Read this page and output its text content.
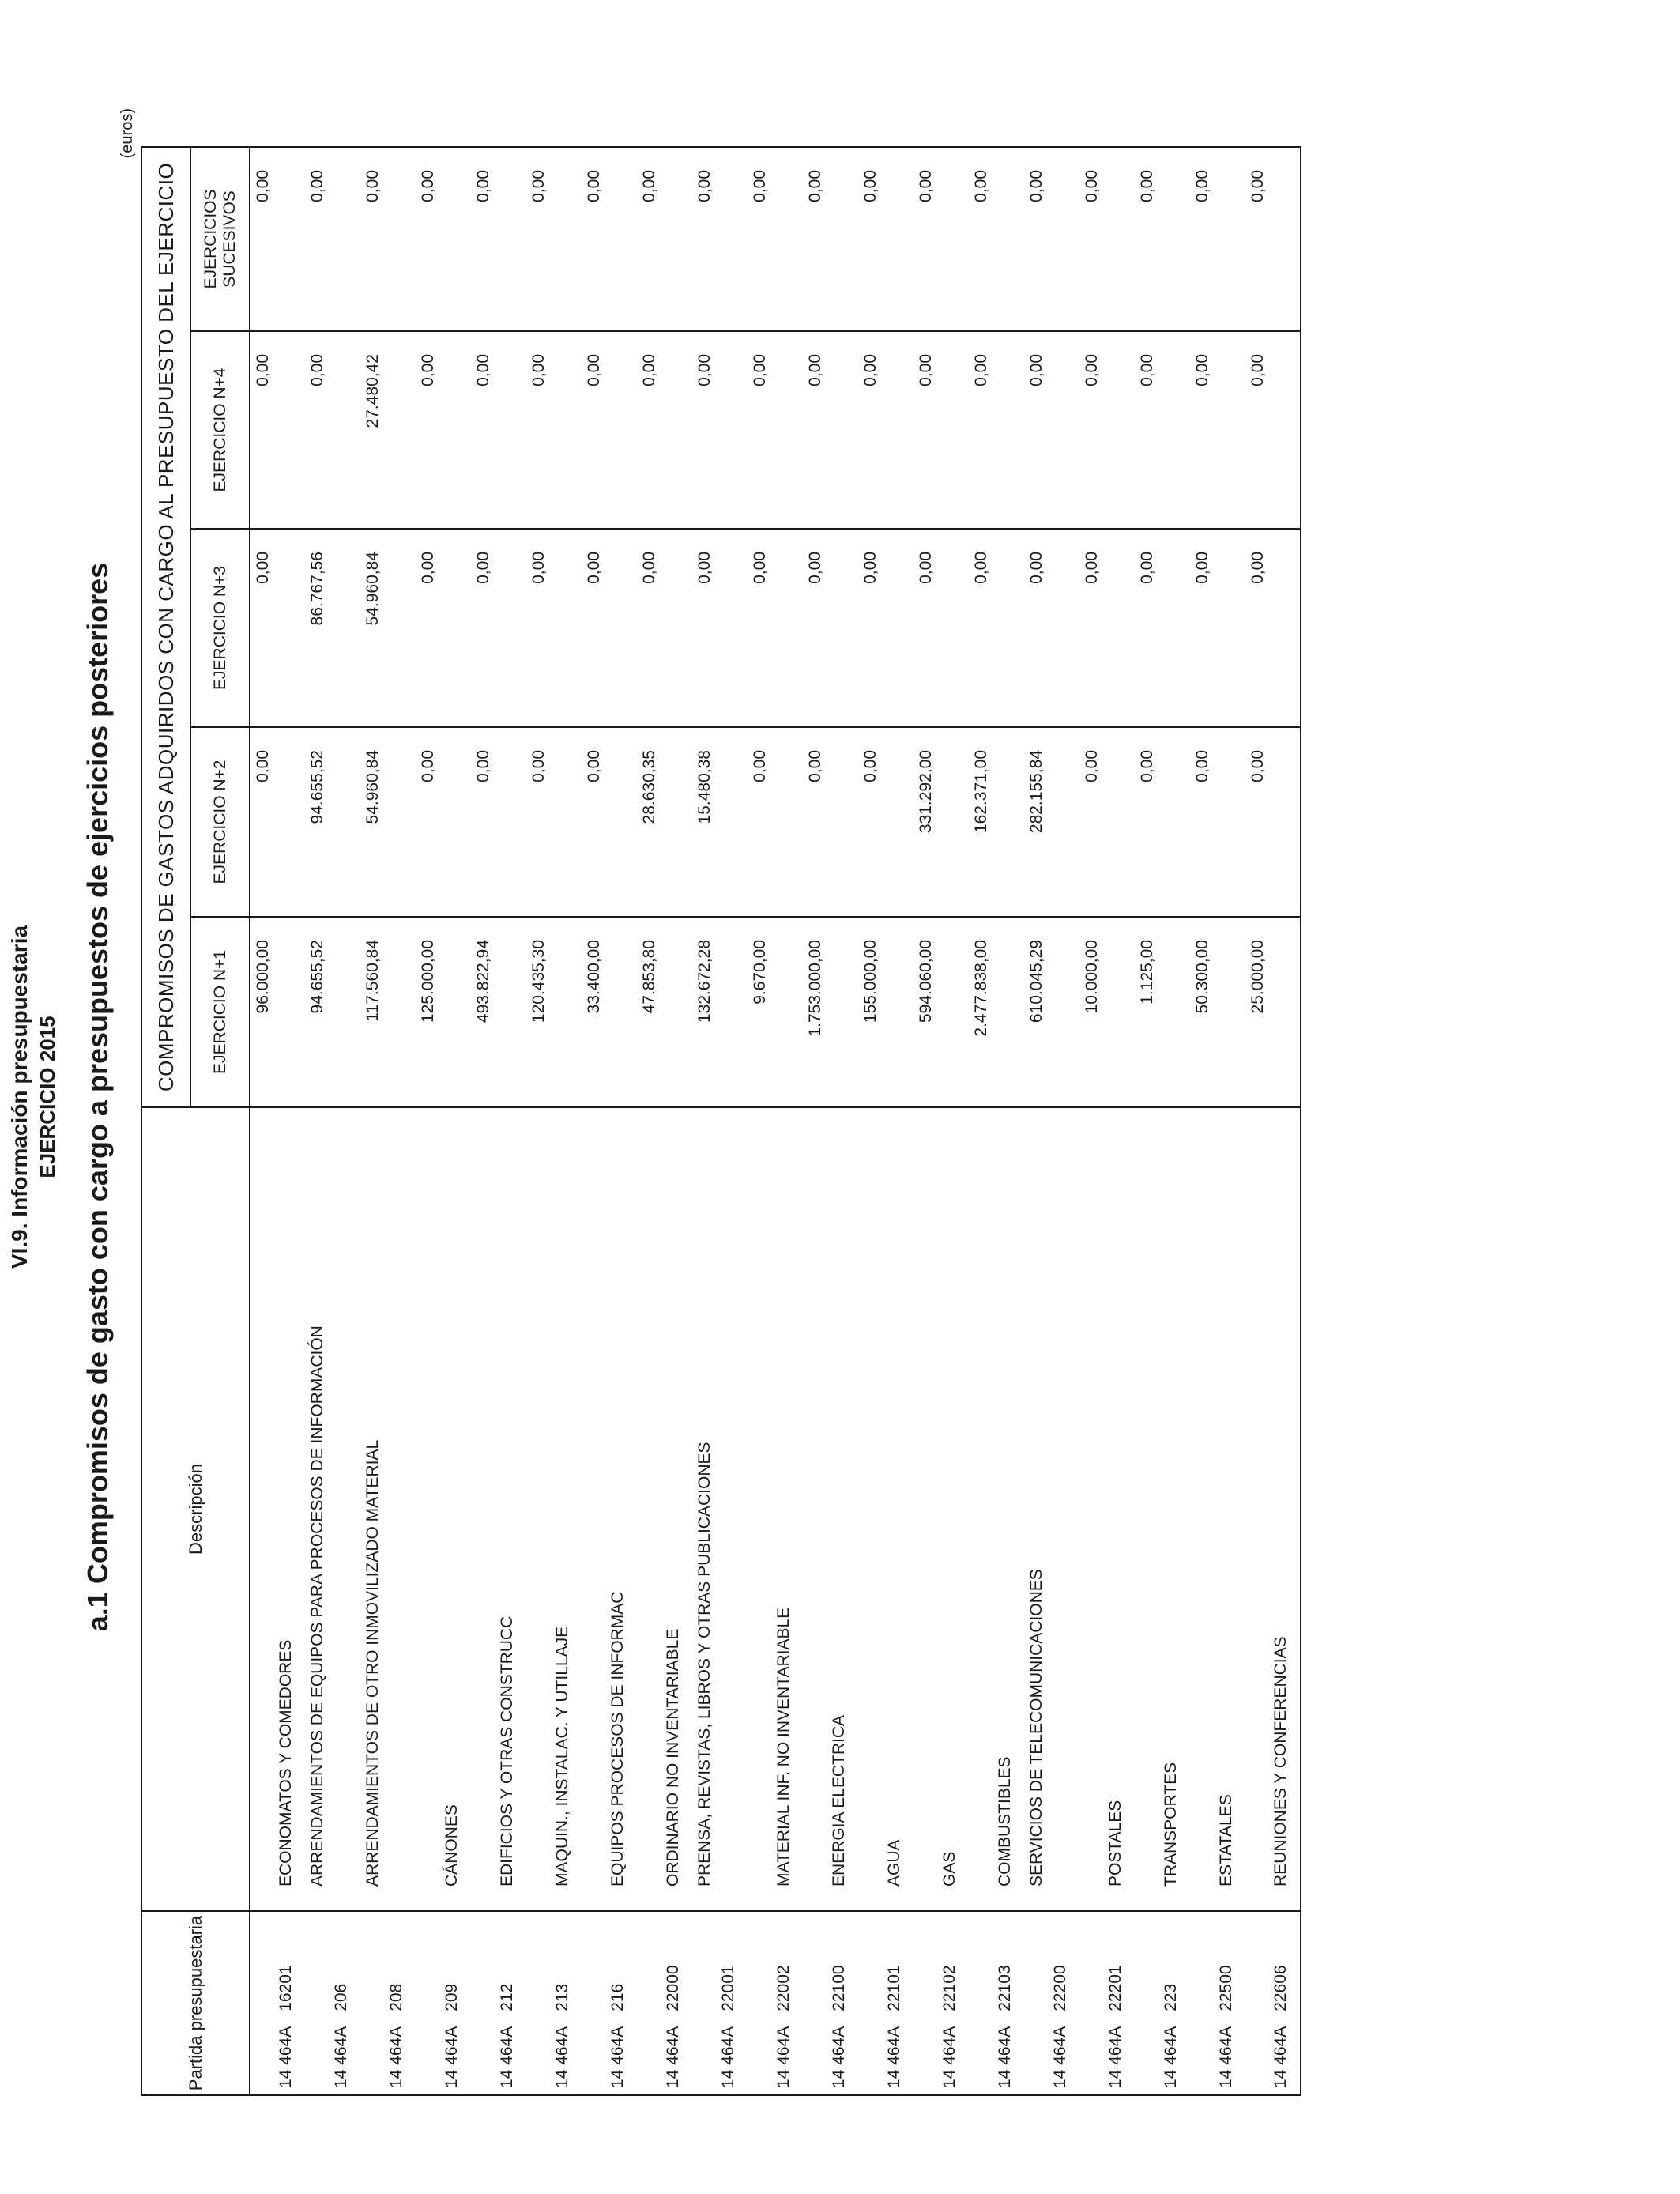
VI.9. Información presupuestaria EJERCICIO 2015 a.1 Compromisos de gasto con cargo a presupuestos de ejercicios posteriores
(euros)
Partida presupuestaria	Descripción	COMPROMISOS DE GASTOS ADQUIRIDOS CON CARGO AL PRESUPUESTO DEL EJERCICIO				
		EJERCICIO N+1	EJERCICIO N+2	EJERCICIO N+3	EJERCICIO N+4	EJERCICIOS
SUCESIVOS
14 464A16201	ECONOMATOS Y COMEDORES	96.000,00	0,00	0,00	0,00	0,00
14 464A206	ARRENDAMIENTOS DE EQUIPOS PARA PROCESOS DE INFORMACIÓN	94.655,52	94.655,52	86.767,56	0,00	0,00
14 464A208	ARRENDAMIENTOS DE OTRO INMOVILIZADO MATERIAL	117.560,84	54.960,84	54.960,84	27.480,42	0,00
14 464A209	CÁNONES	125.000,00	0,00	0,00	0,00	0,00
14 464A212	EDIFICIOS Y OTRAS CONSTRUCC	493.822,94	0,00	0,00	0,00	0,00
14 464A213	MAQUIN., INSTALAC. Y UTILLAJE	120.435,30	0,00	0,00	0,00	0,00
14 464A216	EQUIPOS PROCESOS DE INFORMAC	33.400,00	0,00	0,00	0,00	0,00
14 464A22000	ORDINARIO NO INVENTARIABLE	47.853,80	28.630,35	0,00	0,00	0,00
14 464A22001	PRENSA, REVISTAS, LIBROS Y OTRAS PUBLICACIONES	132.672,28	15.480,38	0,00	0,00	0,00
14 464A22002	MATERIAL INF. NO INVENTARIABLE	9.670,00	0,00	0,00	0,00	0,00
14 464A22100	ENERGIA ELECTRICA	1.753.000,00	0,00	0,00	0,00	0,00
14 464A22101	AGUA	155.000,00	0,00	0,00	0,00	0,00
14 464A22102	GAS	594.060,00	331.292,00	0,00	0,00	0,00
14 464A22103	COMBUSTIBLES	2.477.838,00	162.371,00	0,00	0,00	0,00
14 464A22200	SERVICIOS DE TELECOMUNICACIONES	610.045,29	282.155,84	0,00	0,00	0,00
14 464A22201	POSTALES	10.000,00	0,00	0,00	0,00	0,00
14 464A223	TRANSPORTES	1.125,00	0,00	0,00	0,00	0,00
14 464A22500	ESTATALES	50.300,00	0,00	0,00	0,00	0,00
14 464A22606	REUNIONES Y CONFERENCIAS	25.000,00	0,00	0,00	0,00	0,00
